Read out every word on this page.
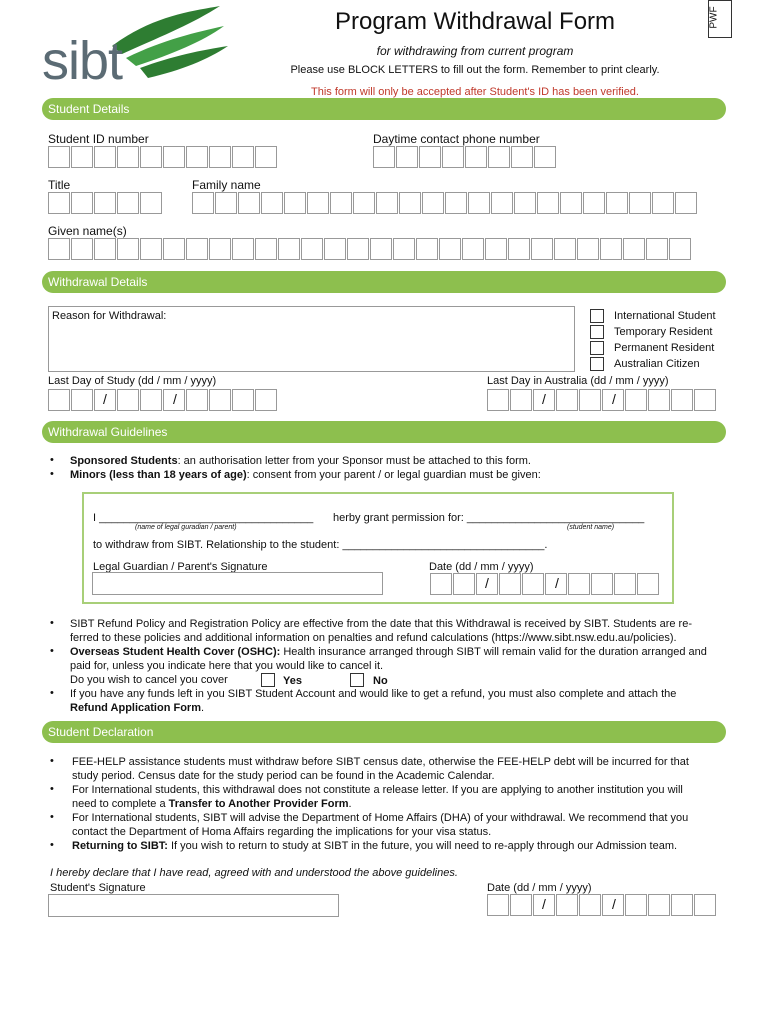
sibt
PWF
Program Withdrawal Form
for withdrawing from current program
Please use BLOCK LETTERS to fill out the form. Remember to print clearly.
This form will only be accepted after Student's ID has been verified.
Student Details
Student ID number	Daytime contact phone number
Title	Family name
Given name(s)
Withdrawal Details
Reason for Withdrawal:	International Student
Temporary Resident
Permanent Resident
Australian Citizen
Last Day of Study (dd / mm / yyyy)
/	/
Last Day in Australia (dd / mm / yyyy)
/	/
Withdrawal Guidelines
• Sponsored Students: an authorisation letter from your Sponsor must be attached to this form.
• Minors (less than 18 years of age): consent from your parent / or legal guardian must be given:
I ___________________________________ herby grant permission for: _____________________________
(name of legal guradian / parent)	(student name)
to withdraw from SIBT. Relationship to the student: _________________________________.
Legal Guardian / Parent's Signature	Date (dd / mm / yyyy)
/	/
• SIBT Refund Policy and Registration Policy are effective from the date that this Withdrawal is received by SIBT. Students are re-
ferred to these policies and additional information on penalties and refund calculations (https://www.sibt.nsw.edu.au/policies).
• Overseas Student Health Cover (OSHC): Health insurance arranged through SIBT will remain valid for the duration arranged and
paid for, unless you indicate here that you would like to cancel it.
Do you wish to cancel you cover	Yes	No
• If you have any funds left in you SIBT Student Account and would like to get a refund, you must also complete and attach the
Refund Application Form.
Student Declaration
• FEE-HELP assistance students must withdraw before SIBT census date, otherwise the FEE-HELP debt will be incurred for that
study period. Census date for the study period can be found in the Academic Calendar.
• For International students, this withdrawal does not constitute a release letter. If you are applying to another institution you will
need to complete a Transfer to Another Provider Form.
• For International students, SIBT will advise the Department of Home Affairs (DHA) of your withdrawal. We recommend that you
contact the Department of Homa Affairs regarding the implications for your visa status.
• Returning to SIBT: If you wish to return to study at SIBT in the future, you will need to re-apply through our Admission team.
I hereby declare that I have read, agreed with and understood the above guidelines.
Student's Signature	Date (dd / mm / yyyy)
/	/
